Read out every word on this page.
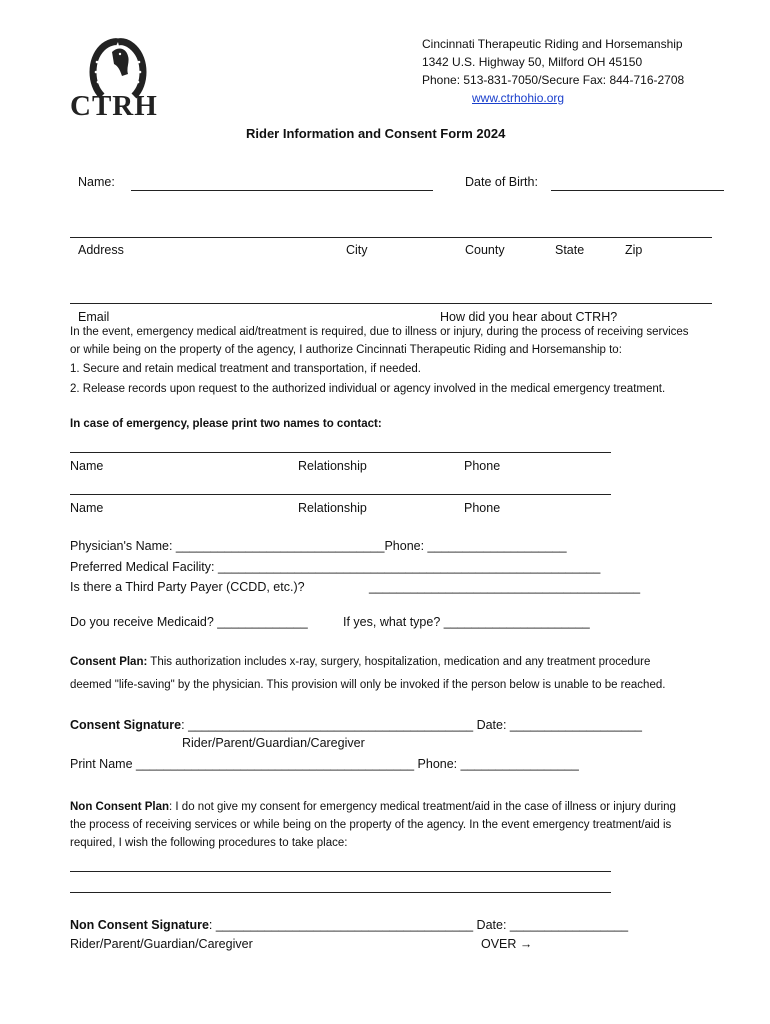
CTRH
Cincinnati Therapeutic Riding and Horsemanship
1342 U.S. Highway 50, Milford OH 45150
Phone: 513-831-7050/Secure Fax: 844-716-2708
www.ctrhohio.org
Rider Information and Consent Form 2024
Name:	Date of Birth:
Address	City	County	State	Zip
Email	How did you hear about CTRH?
In the event, emergency medical aid/treatment is required, due to illness or injury, during the process of receiving services
or while being on the property of the agency, I authorize Cincinnati Therapeutic Riding and Horsemanship to:
1. Secure and retain medical treatment and transportation, if needed.
2. Release records upon request to the authorized individual or agency involved in the medical emergency treatment.
In case of emergency, please print two names to contact:
Name	Relationship	Phone
Name	Relationship	Phone
Physician's Name: ______________________________Phone: ____________________
Preferred Medical Facility: _______________________________________________________
Is there a Third Party Payer (CCDD, etc.)?	_______________________________________
Do you receive Medicaid? _____________	If yes, what type? _____________________
Consent Plan: This authorization includes x-ray, surgery, hospitalization, medication and any treatment procedure
deemed "life-saving" by the physician. This provision will only be invoked if the person below is unable to be reached.
Consent Signature: _________________________________________ Date: ___________________
Rider/Parent/Guardian/Caregiver
Print Name ________________________________________ Phone: _________________
Non Consent Plan: I do not give my consent for emergency medical treatment/aid in the case of illness or injury during
the process of receiving services or while being on the property of the agency. In the event emergency treatment/aid is
required, I wish the following procedures to take place:
Non Consent Signature: _____________________________________ Date: _________________
Rider/Parent/Guardian/Caregiver	OVER →
